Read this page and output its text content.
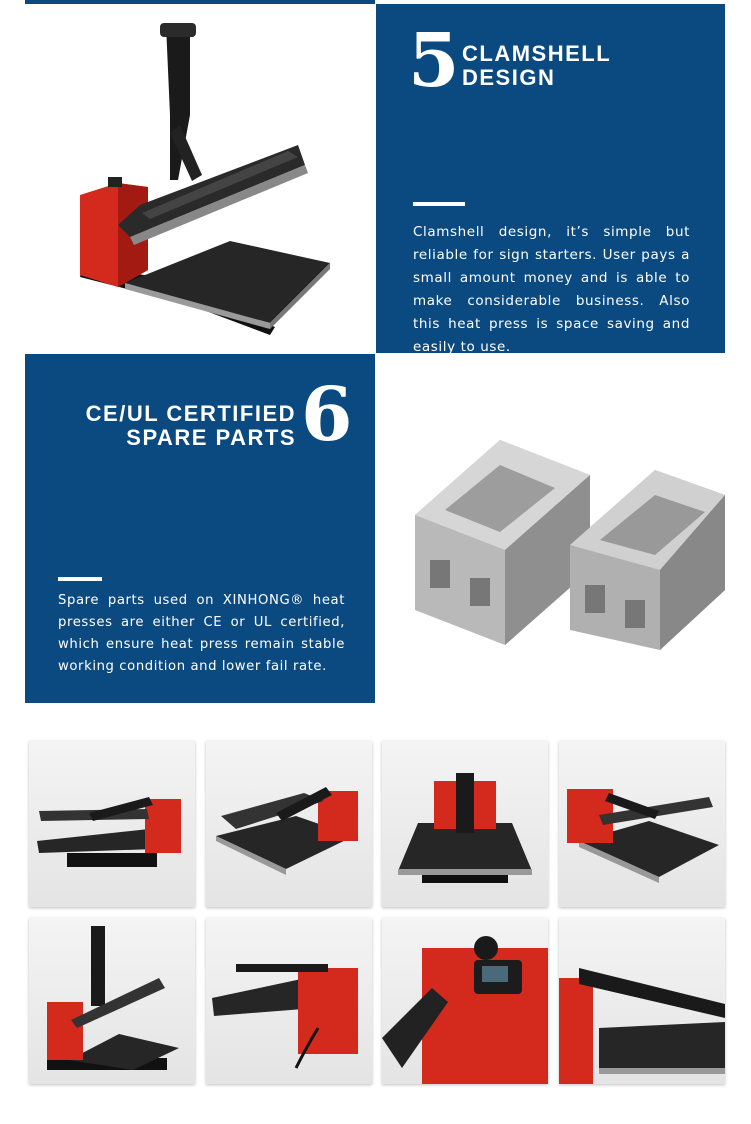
5 CLAMSHELL
DESIGN
Clamshell design, it’s simple but reliable for sign starters. User pays a small amount money and is able to make considerable business. Also this heat press is space saving and easily to use.
CE/UL CERTIFIED
SPARE PARTS 6
Spare parts used on XINHONG® heat presses are either CE or UL certified, which ensure heat press remain stable working condition and lower fail rate.
